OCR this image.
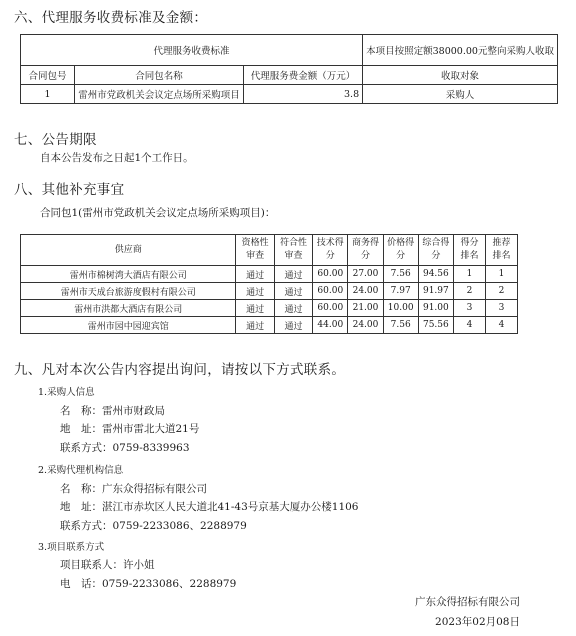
六、代理服务收费标准及金额：
代理服务收费标准			本项目按照定额38000.00元整向采购人收取
合同包号	合同包名称	代理服务费金额（万元）	收取对象
1	雷州市党政机关会议定点场所采购项目	3.8	采购人
七、公告期限
自本公告发布之日起1个工作日。
八、其他补充事宜
合同包1(雷州市党政机关会议定点场所采购项目)：
供应商	资格性审查	符合性审查	技术得分	商务得分	价格得分	综合得分	得分排名	推荐排名
雷州市棉树湾大酒店有限公司	通过	通过	60.00	27.00	7.56	94.56	1	1
雷州市天成台旅游度假村有限公司	通过	通过	60.00	24.00	7.97	91.97	2	2
雷州市洪都大酒店有限公司	通过	通过	60.00	21.00	10.00	91.00	3	3
雷州市园中园迎宾馆	通过	通过	44.00	24.00	7.56	75.56	4	4
九、凡对本次公告内容提出询问，请按以下方式联系。
1.采购人信息
名　称：雷州市财政局
地　址：雷州市雷北大道21号
联系方式：0759-8339963
2.采购代理机构信息
名　称：广东众得招标有限公司
地　址：湛江市赤坎区人民大道北41-43号京基大厦办公楼1106
联系方式：0759-2233086、2288979
3.项目联系方式
项目联系人：许小姐
电　话：0759-2233086、2288979
广东众得招标有限公司
2023年02月08日
